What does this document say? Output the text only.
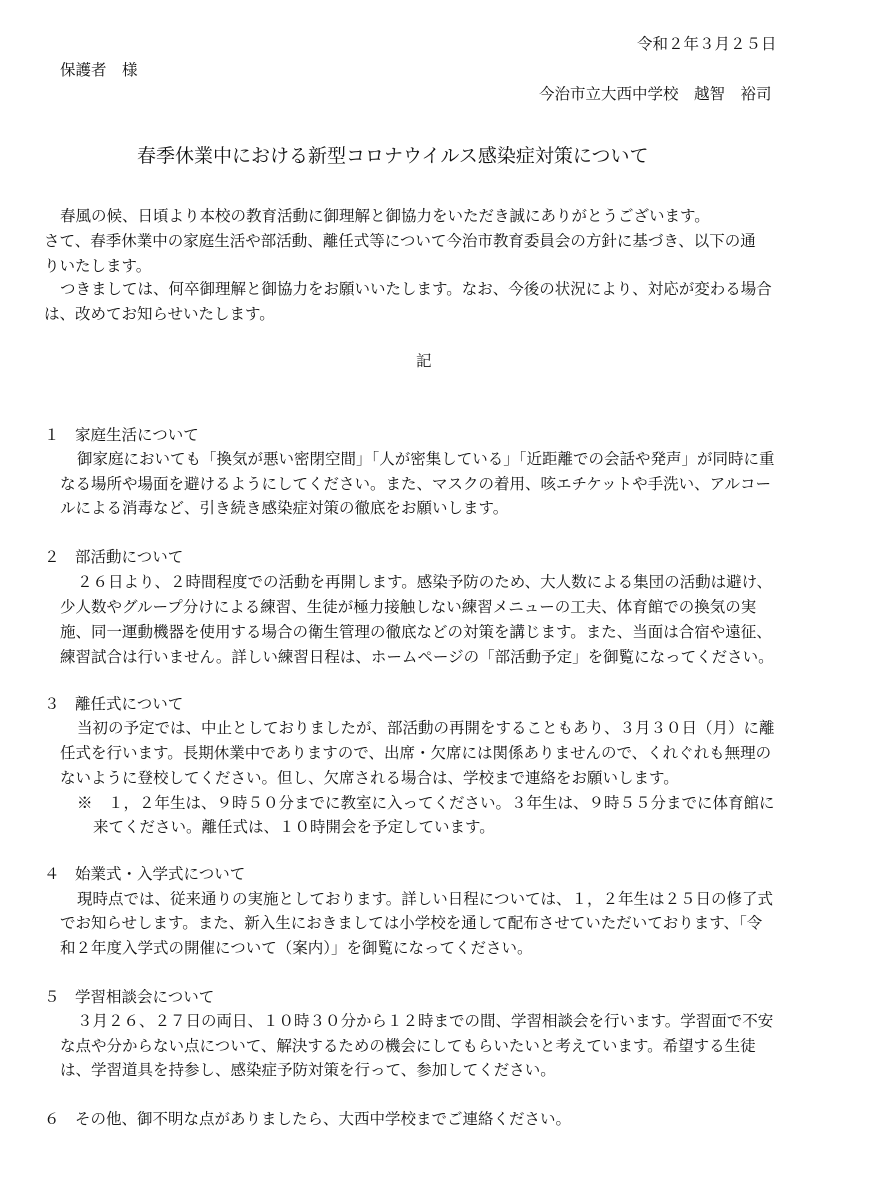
令和２年３月２５日
保護者　様
今治市立大西中学校　越智　裕司
春季休業中における新型コロナウイルス感染症対策について
春風の候、日頃より本校の教育活動に御理解と御協力をいただき誠にありがとうございます。
さて、春季休業中の家庭生活や部活動、離任式等について今治市教育委員会の方針に基づき、以下の通
りいたします。
つきましては、何卒御理解と御協力をお願いいたします。なお、今後の状況により、対応が変わる場合
は、改めてお知らせいたします。
記
１　家庭生活について
御家庭においても「換気が悪い密閉空間」「人が密集している」「近距離での会話や発声」が同時に重
なる場所や場面を避けるようにしてください。また、マスクの着用、咳エチケットや手洗い、アルコー
ルによる消毒など、引き続き感染症対策の徹底をお願いします。
２　部活動について
２６日より、２時間程度での活動を再開します。感染予防のため、大人数による集団の活動は避け、
少人数やグループ分けによる練習、生徒が極力接触しない練習メニューの工夫、体育館での換気の実
施、同一運動機器を使用する場合の衛生管理の徹底などの対策を講じます。また、当面は合宿や遠征、
練習試合は行いません。詳しい練習日程は、ホームページの「部活動予定」を御覧になってください。
３　離任式について
当初の予定では、中止としておりましたが、部活動の再開をすることもあり、３月３０日（月）に離
任式を行います。長期休業中でありますので、出席・欠席には関係ありませんので、くれぐれも無理の
ないように登校してください。但し、欠席される場合は、学校まで連絡をお願いします。
※　１，２年生は、９時５０分までに教室に入ってください。３年生は、９時５５分までに体育館に
来てください。離任式は、１０時開会を予定しています。
４　始業式・入学式について
現時点では、従来通りの実施としております。詳しい日程については、１，２年生は２５日の修了式
でお知らせします。また、新入生におきましては小学校を通して配布させていただいております、「令
和２年度入学式の開催について（案内）」を御覧になってください。
５　学習相談会について
３月２６、２７日の両日、１０時３０分から１２時までの間、学習相談会を行います。学習面で不安
な点や分からない点について、解決するための機会にしてもらいたいと考えています。希望する生徒
は、学習道具を持参し、感染症予防対策を行って、参加してください。
６　その他、御不明な点がありましたら、大西中学校までご連絡ください。
